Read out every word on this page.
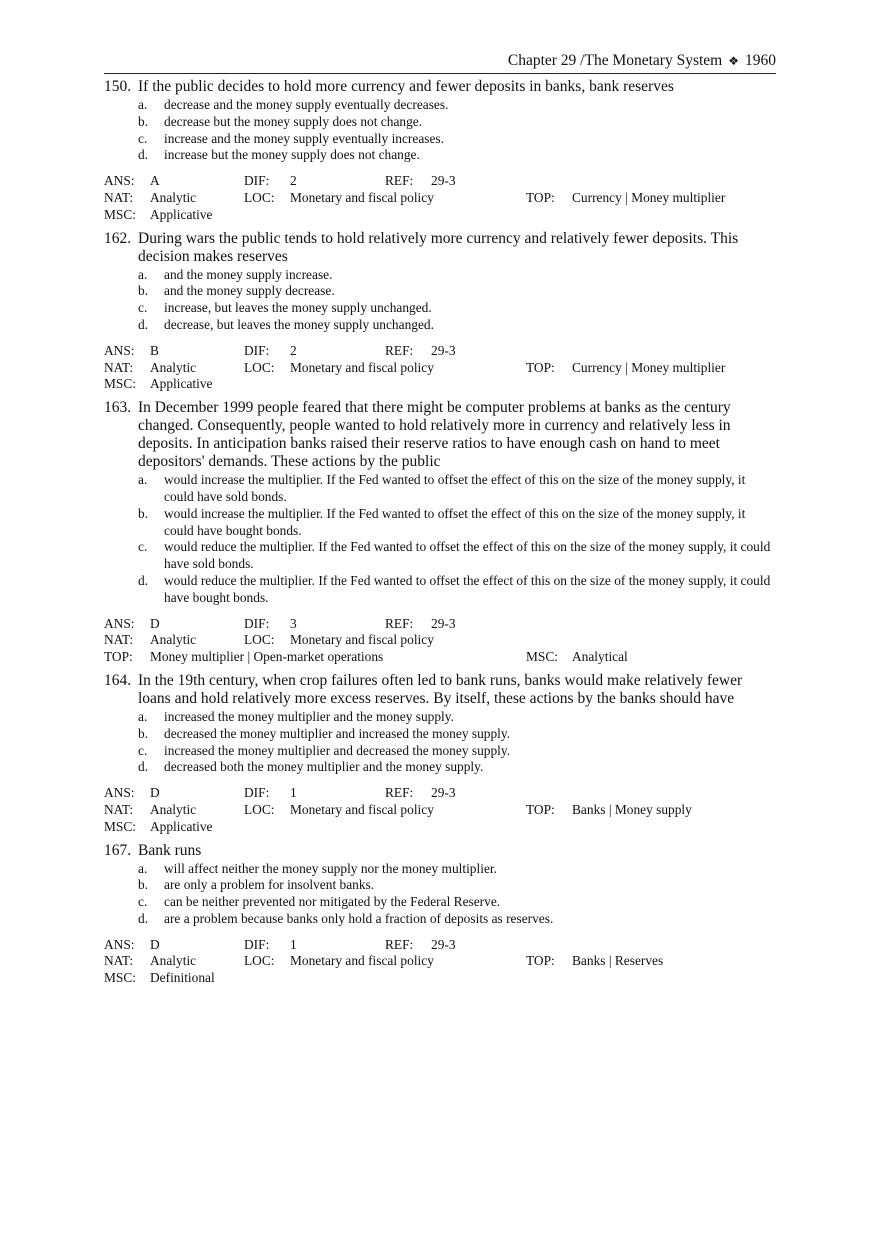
Chapter 29 /The Monetary System ❖ 1960
150. If the public decides to hold more currency and fewer deposits in banks, bank reserves
a.	decrease and the money supply eventually decreases.
b.	decrease but the money supply does not change.
c.	increase and the money supply eventually increases.
d.	increase but the money supply does not change.
ANS: A	DIF: 2	REF: 29-3
NAT: Analytic	LOC: Monetary and fiscal policy	TOP: Currency | Money multiplier
MSC: Applicative
162. During wars the public tends to hold relatively more currency and relatively fewer deposits. This decision makes reserves
a.	and the money supply increase.
b.	and the money supply decrease.
c.	increase, but leaves the money supply unchanged.
d.	decrease, but leaves the money supply unchanged.
ANS: B	DIF: 2	REF: 29-3
NAT: Analytic	LOC: Monetary and fiscal policy	TOP: Currency | Money multiplier
MSC: Applicative
163. In December 1999 people feared that there might be computer problems at banks as the century changed. Consequently, people wanted to hold relatively more in currency and relatively less in deposits. In anticipation banks raised their reserve ratios to have enough cash on hand to meet depositors' demands. These actions by the public
a.	would increase the multiplier. If the Fed wanted to offset the effect of this on the size of the money supply, it could have sold bonds.
b.	would increase the multiplier. If the Fed wanted to offset the effect of this on the size of the money supply, it could have bought bonds.
c.	would reduce the multiplier. If the Fed wanted to offset the effect of this on the size of the money supply, it could have sold bonds.
d.	would reduce the multiplier. If the Fed wanted to offset the effect of this on the size of the money supply, it could have bought bonds.
ANS: D	DIF: 3	REF: 29-3
NAT: Analytic	LOC: Monetary and fiscal policy
TOP: Money multiplier | Open-market operations	MSC: Analytical
164. In the 19th century, when crop failures often led to bank runs, banks would make relatively fewer loans and hold relatively more excess reserves. By itself, these actions by the banks should have
a.	increased the money multiplier and the money supply.
b.	decreased the money multiplier and increased the money supply.
c.	increased the money multiplier and decreased the money supply.
d.	decreased both the money multiplier and the money supply.
ANS: D	DIF: 1	REF: 29-3
NAT: Analytic	LOC: Monetary and fiscal policy	TOP: Banks | Money supply
MSC: Applicative
167. Bank runs
a.	will affect neither the money supply nor the money multiplier.
b.	are only a problem for insolvent banks.
c.	can be neither prevented nor mitigated by the Federal Reserve.
d.	are a problem because banks only hold a fraction of deposits as reserves.
ANS: D	DIF: 1	REF: 29-3
NAT: Analytic	LOC: Monetary and fiscal policy	TOP: Banks | Reserves
MSC: Definitional
